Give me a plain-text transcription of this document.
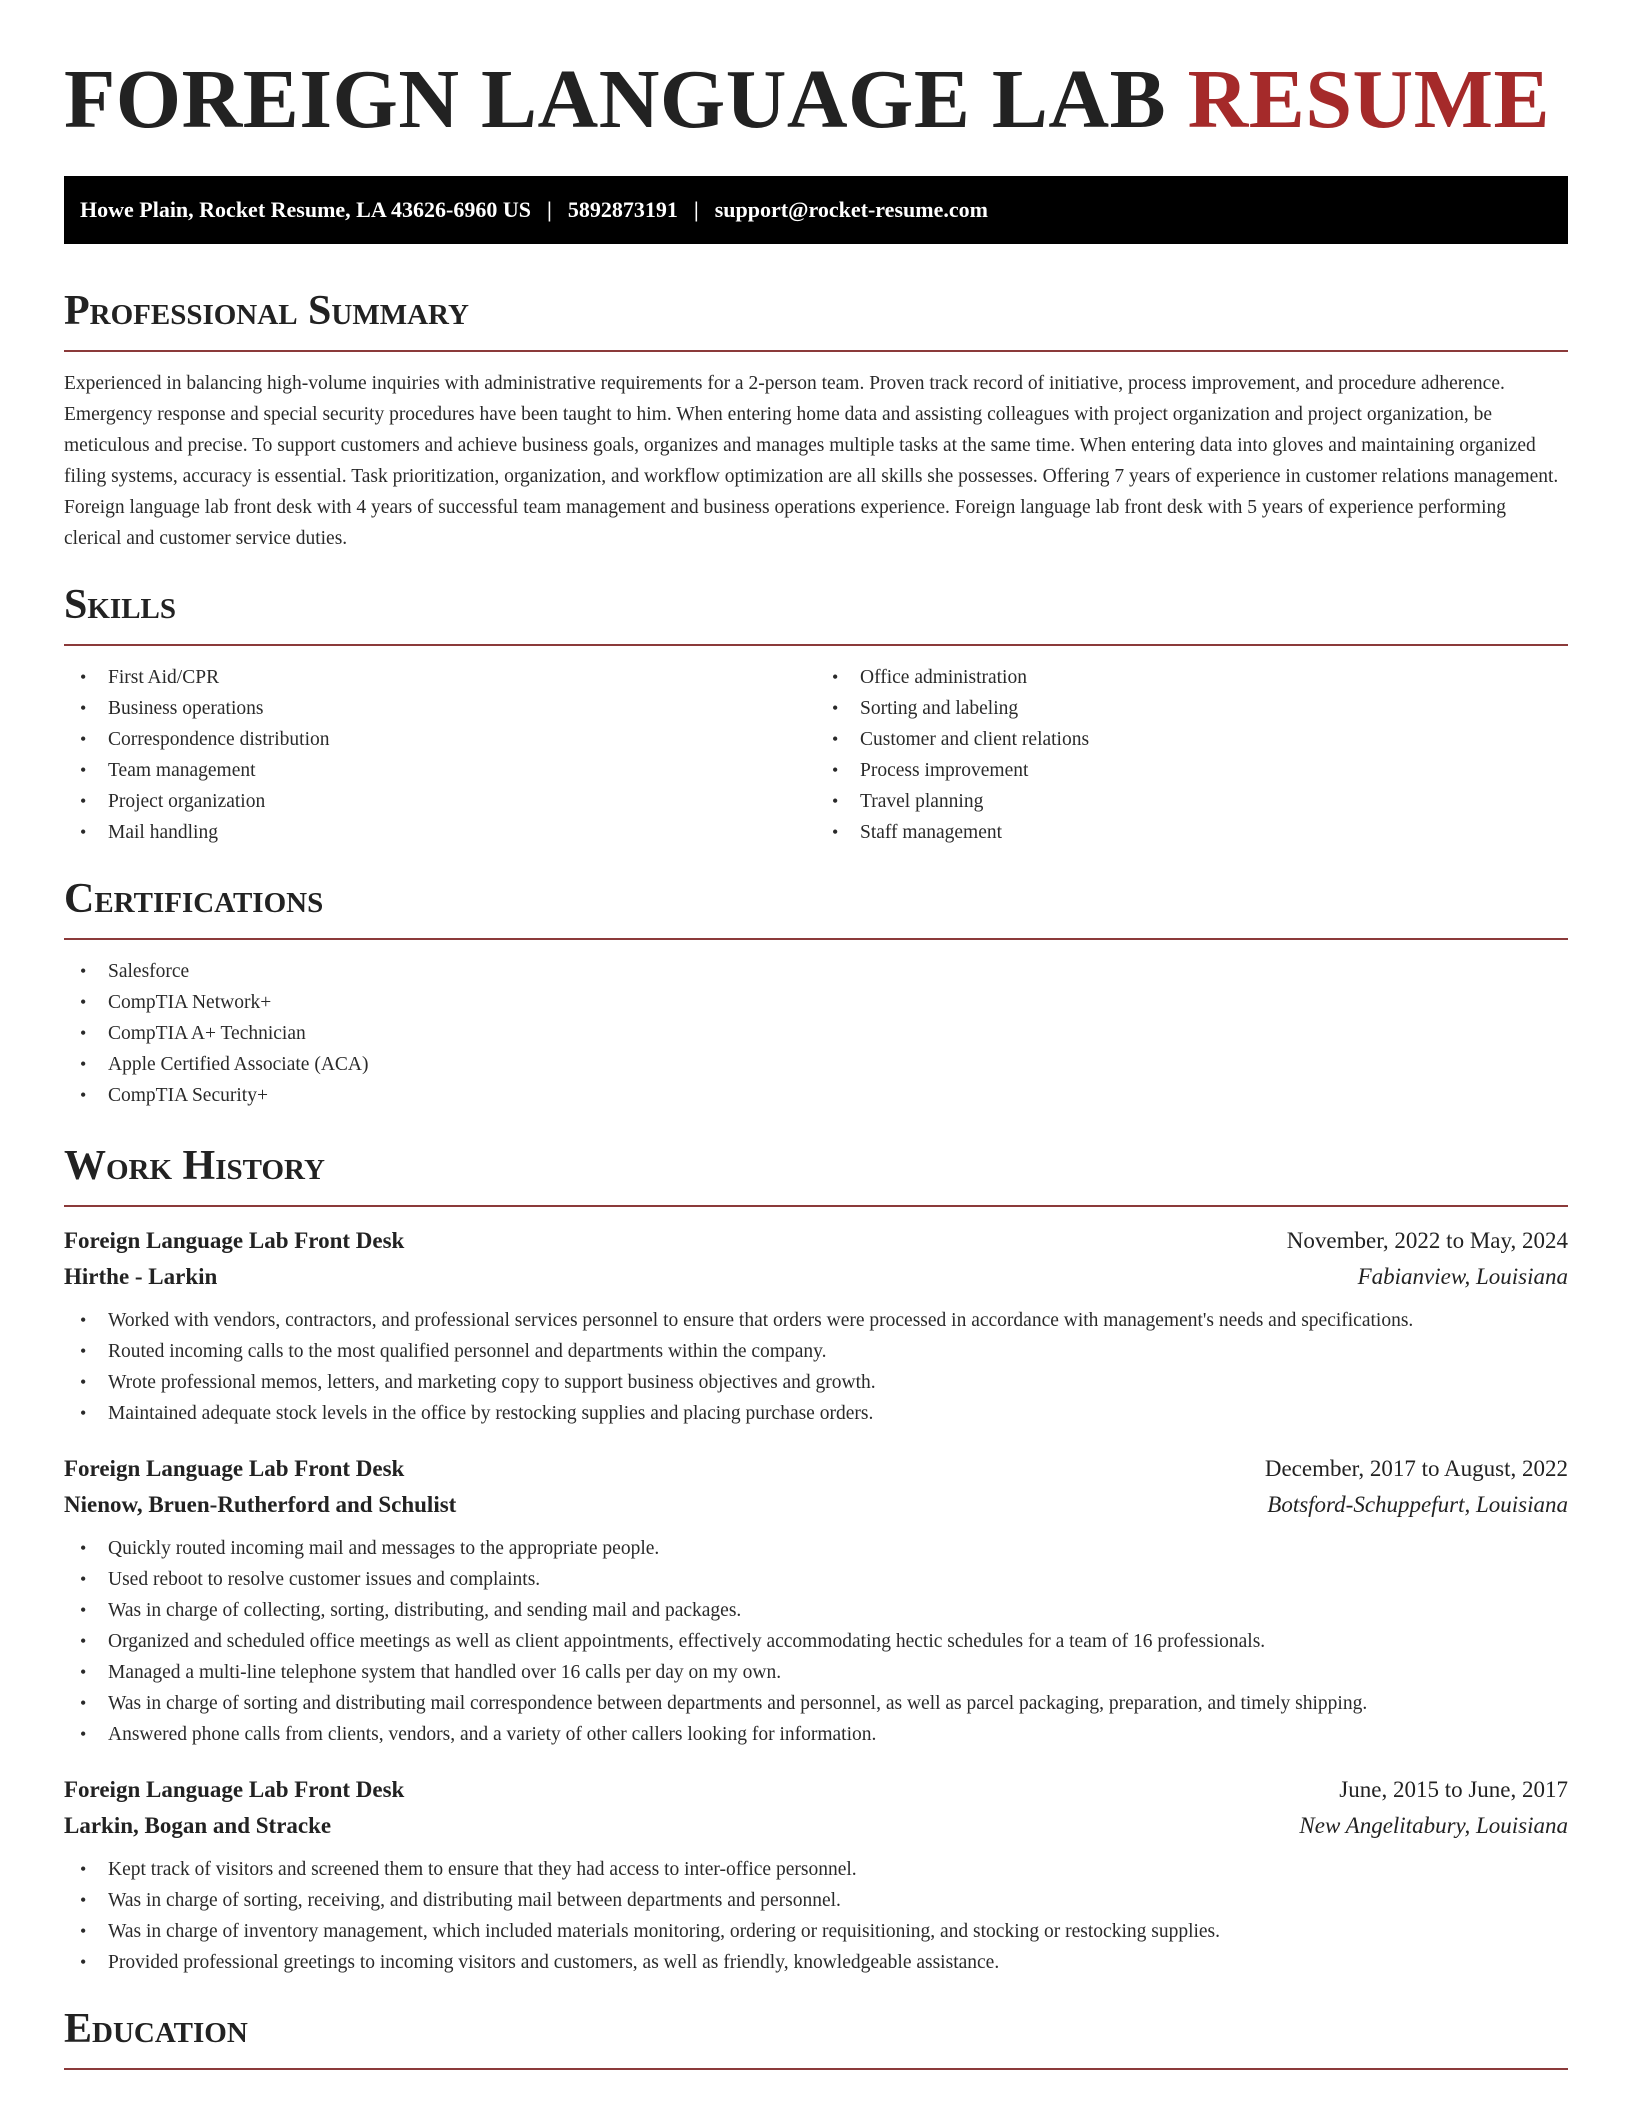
FOREIGN LANGUAGE LAB RESUME
Howe Plain, Rocket Resume, LA 43626-6960 US | 5892873191 | support@rocket-resume.com
Professional Summary

Experienced in balancing high-volume inquiries with administrative requirements for a 2-person team. Proven track record of initiative, process improvement, and procedure adherence. Emergency response and special security procedures have been taught to him. When entering home data and assisting colleagues with project organization and project organization, be meticulous and precise. To support customers and achieve business goals, organizes and manages multiple tasks at the same time. When entering data into gloves and maintaining organized filing systems, accuracy is essential. Task prioritization, organization, and workflow optimization are all skills she possesses. Offering 7 years of experience in customer relations management. Foreign language lab front desk with 4 years of successful team management and business operations experience. Foreign language lab front desk with 5 years of experience performing clerical and customer service duties.

Skills
• First Aid/CPR
• Business operations
• Correspondence distribution
• Team management
• Project organization
• Mail handling
• Office administration
• Sorting and labeling
• Customer and client relations
• Process improvement
• Travel planning
• Staff management
Certifications
• Salesforce
• CompTIA Network+
• CompTIA A+ Technician
• Apple Certified Associate (ACA)
• CompTIA Security+
Work History
Foreign Language Lab Front Desk	November, 2022 to May, 2024
Hirthe - Larkin	Fabianview, Louisiana
• Worked with vendors, contractors, and professional services personnel to ensure that orders were processed in accordance with management's needs and specifications.
• Routed incoming calls to the most qualified personnel and departments within the company.
• Wrote professional memos, letters, and marketing copy to support business objectives and growth.
• Maintained adequate stock levels in the office by restocking supplies and placing purchase orders.
Foreign Language Lab Front Desk	December, 2017 to August, 2022
Nienow, Bruen-Rutherford and Schulist	Botsford-Schuppefurt, Louisiana
• Quickly routed incoming mail and messages to the appropriate people.
• Used reboot to resolve customer issues and complaints.
• Was in charge of collecting, sorting, distributing, and sending mail and packages.
• Organized and scheduled office meetings as well as client appointments, effectively accommodating hectic schedules for a team of 16 professionals.
• Managed a multi-line telephone system that handled over 16 calls per day on my own.
• Was in charge of sorting and distributing mail correspondence between departments and personnel, as well as parcel packaging, preparation, and timely shipping.
• Answered phone calls from clients, vendors, and a variety of other callers looking for information.
Foreign Language Lab Front Desk	June, 2015 to June, 2017
Larkin, Bogan and Stracke	New Angelitabury, Louisiana
• Kept track of visitors and screened them to ensure that they had access to inter-office personnel.
• Was in charge of sorting, receiving, and distributing mail between departments and personnel.
• Was in charge of inventory management, which included materials monitoring, ordering or requisitioning, and stocking or restocking supplies.
• Provided professional greetings to incoming visitors and customers, as well as friendly, knowledgeable assistance.
Education
